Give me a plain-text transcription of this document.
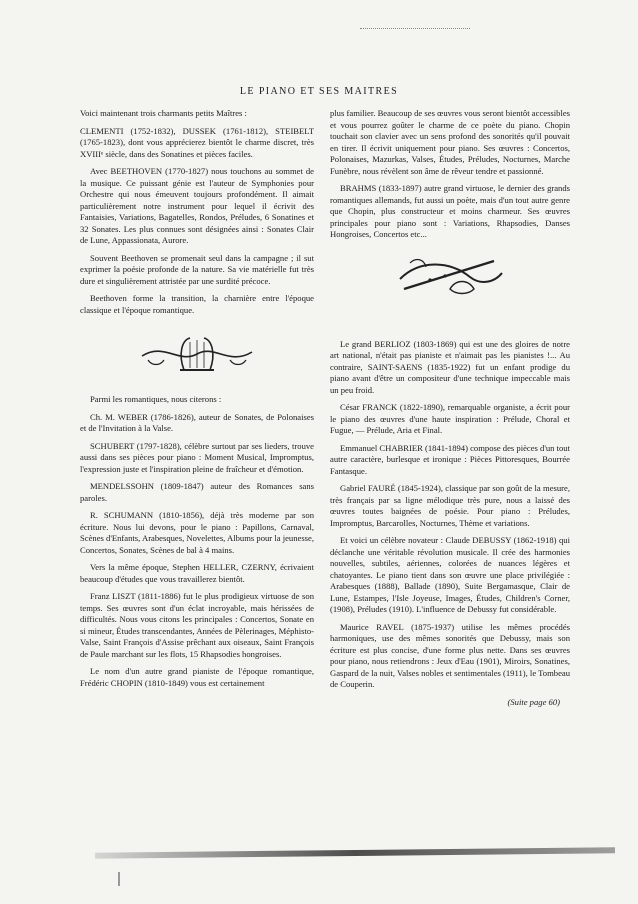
LE PIANO ET SES MAITRES

Voici maintenant trois charmants petits Maîtres :

CLEMENTI (1752-1832), DUSSEK (1761-1812), STEIBELT (1765-1823), dont vous apprécierez bientôt le charme discret, très XVIIIᵉ siècle, dans des Sonatines et pièces faciles.

Avec BEETHOVEN (1770-1827) nous touchons au sommet de la musique. Ce puissant génie est l'auteur de Symphonies pour Orchestre qui nous émeuvent toujours profondément. Il aimait particulièrement notre instrument pour lequel il écrivit des Fantaisies, Variations, Bagatelles, Rondos, Préludes, 6 Sonatines et 32 Sonates. Les plus connues sont désignées ainsi : Sonates Clair de Lune, Appassionata, Aurore.

Souvent Beethoven se promenait seul dans la campagne ; il sut exprimer la poésie profonde de la nature. Sa vie matérielle fut très dure et singulièrement attristée par une surdité précoce.

Beethoven forme la transition, la charnière entre l'époque classique et l'époque romantique.

Parmi les romantiques, nous citerons :

Ch. M. WEBER (1786-1826), auteur de Sonates, de Polonaises et de l'Invitation à la Valse.

SCHUBERT (1797-1828), célèbre surtout par ses lieders, trouve aussi dans ses pièces pour piano : Moment Musical, Impromptus, l'expression juste et l'inspiration pleine de fraîcheur et d'émotion.

MENDELSSOHN (1809-1847) auteur des Romances sans paroles.

R. SCHUMANN (1810-1856), déjà très moderne par son écriture. Nous lui devons, pour le piano : Papillons, Carnaval, Scènes d'Enfants, Arabesques, Novelettes, Albums pour la jeunesse, Concertos, Sonates, Scènes de bal à 4 mains.

Vers la même époque, Stephen HELLER, CZERNY, écrivaient beaucoup d'études que vous travaillerez bientôt.

Franz LISZT (1811-1886) fut le plus prodigieux virtuose de son temps. Ses œuvres sont d'un éclat incroyable, mais hérissées de difficultés. Nous vous citons les principales : Concertos, Sonate en si mineur, Études transcendantes, Années de Pèlerinages, Méphisto-Valse, Saint François d'Assise prêchant aux oiseaux, Saint François de Paule marchant sur les flots, 15 Rhapsodies hongroises.

Le nom d'un autre grand pianiste de l'époque romantique, Frédéric CHOPIN (1810-1849) vous est certainement

plus familier. Beaucoup de ses œuvres vous seront bientôt accessibles et vous pourrez goûter le charme de ce poète du piano. Chopin touchait son clavier avec un sens profond des sonorités qu'il pouvait en tirer. Il écrivit uniquement pour piano. Ses œuvres : Concertos, Polonaises, Mazurkas, Valses, Études, Préludes, Nocturnes, Marche Funèbre, nous révèlent son âme de rêveur tendre et passionné.

BRAHMS (1833-1897) autre grand virtuose, le dernier des grands romantiques allemands, fut aussi un poète, mais d'un tout autre genre que Chopin, plus constructeur et moins charmeur. Ses œuvres principales pour piano sont : Variations, Rhapsodies, Danses Hongroises, Concertos etc...

Le grand BERLIOZ (1803-1869) qui est une des gloires de notre art national, n'était pas pianiste et n'aimait pas les pianistes !... Au contraire, SAINT-SAENS (1835-1922) fut un enfant prodige du piano avant d'être un compositeur d'une technique impeccable mais un peu froid.

César FRANCK (1822-1890), remarquable organiste, a écrit pour le piano des œuvres d'une haute inspiration : Prélude, Choral et Fugue, — Prélude, Aria et Final.

Emmanuel CHABRIER (1841-1894) compose des pièces d'un tout autre caractère, burlesque et ironique : Pièces Pittoresques, Bourrée Fantasque.

Gabriel FAURÉ (1845-1924), classique par son goût de la mesure, très français par sa ligne mélodique très pure, nous a laissé des œuvres toutes baignées de poésie. Pour piano : Préludes, Impromptus, Barcarolles, Nocturnes, Thème et variations.

Et voici un célèbre novateur : Claude DEBUSSY (1862-1918) qui déclanche une véritable révolution musicale. Il crée des harmonies nouvelles, subtiles, aériennes, colorées de nuances légères et chatoyantes. Le piano tient dans son œuvre une place privilégiée : Arabesques (1888), Ballade (1890), Suite Bergamasque, Clair de Lune, Estampes, l'Isle Joyeuse, Images, Études, Children's Corner, (1908), Préludes (1910). L'influence de Debussy fut considérable.

Maurice RAVEL (1875-1937) utilise les mêmes procédés harmoniques, use des mêmes sonorités que Debussy, mais son écriture est plus concise, d'une forme plus nette. Dans ses œuvres pour piano, nous retiendrons : Jeux d'Eau (1901), Miroirs, Sonatines, Gaspard de la nuit, Valses nobles et sentimentales (1911), le Tombeau de Couperin.

(Suite page 60)
